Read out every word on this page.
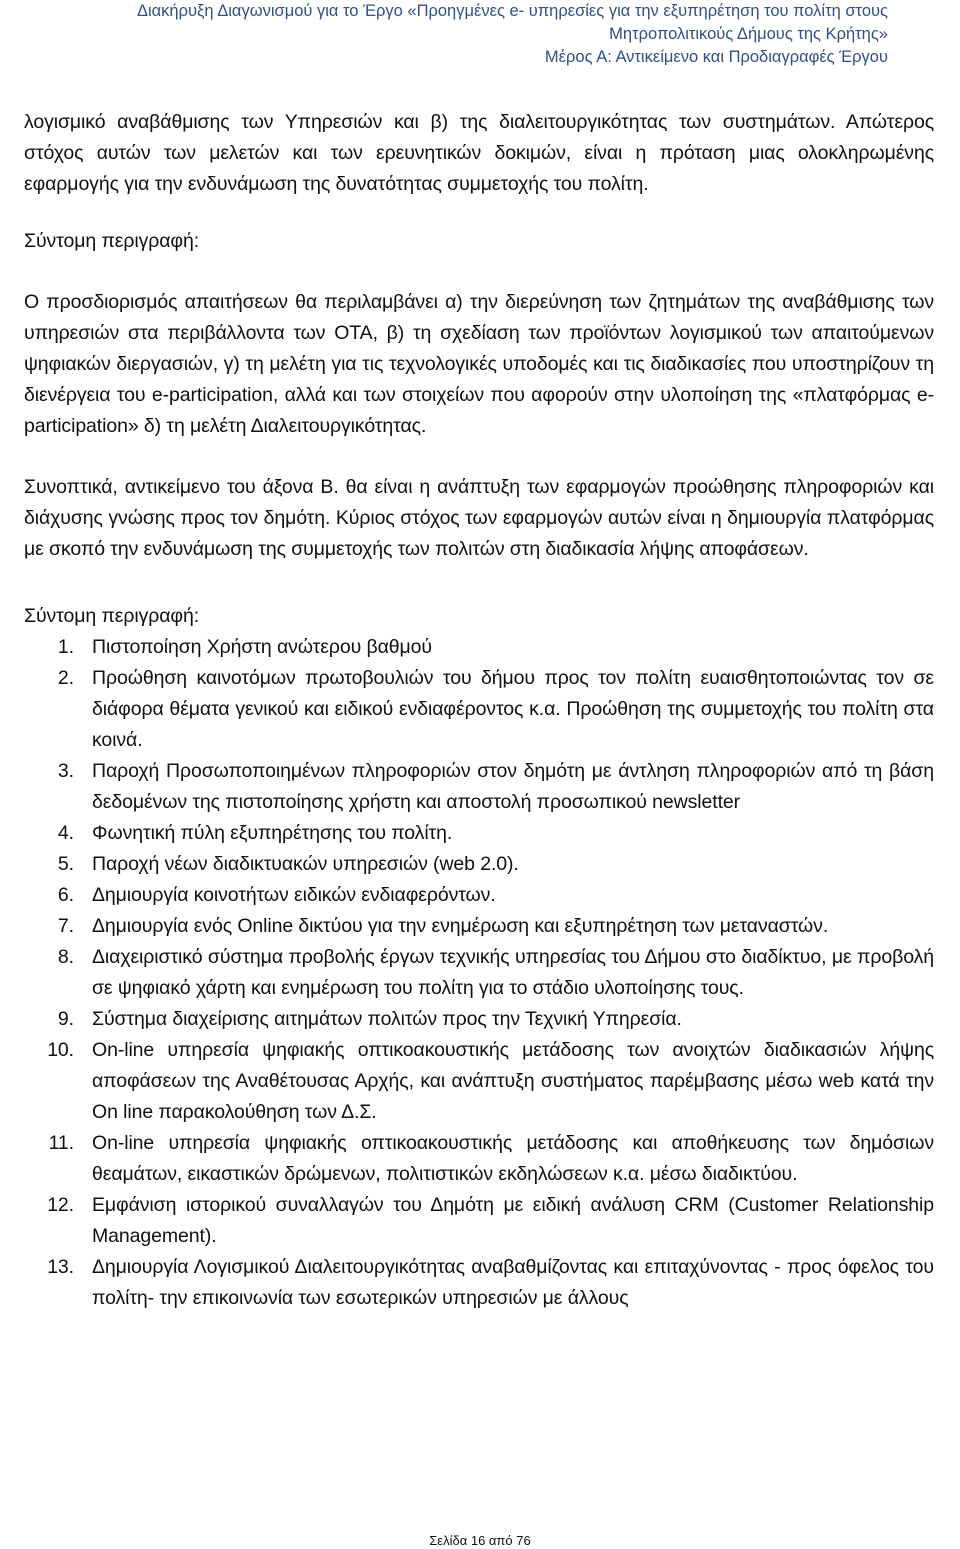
Διακήρυξη Διαγωνισμού για το Έργο «Προηγμένες e- υπηρεσίες για την εξυπηρέτηση του πολίτη στους
Μητροπολιτικούς Δήμους της Κρήτης»
Μέρος Α: Αντικείμενο και Προδιαγραφές Έργου

λογισμικό αναβάθμισης των Υπηρεσιών και β) της διαλειτουργικότητας των συστημάτων. Απώτερος στόχος αυτών των μελετών και των ερευνητικών δοκιμών, είναι η πρόταση μιας ολοκληρωμένης εφαρμογής για την ενδυνάμωση της δυνατότητας συμμετοχής του πολίτη.

Σύντομη περιγραφή:

Ο προσδιορισμός απαιτήσεων θα περιλαμβάνει α) την διερεύνηση των ζητημάτων της αναβάθμισης των υπηρεσιών στα περιβάλλοντα των ΟΤΑ, β) τη σχεδίαση των προϊόντων λογισμικού των απαιτούμενων ψηφιακών διεργασιών, γ) τη μελέτη για τις τεχνολογικές υποδομές και τις διαδικασίες που υποστηρίζουν τη διενέργεια του e-participation, αλλά και των στοιχείων που αφορούν στην υλοποίηση της «πλατφόρμας e-participation» δ) τη μελέτη Διαλειτουργικότητας.

Συνοπτικά, αντικείμενο του άξονα Β. θα είναι η ανάπτυξη των εφαρμογών προώθησης πληροφοριών και διάχυσης γνώσης προς τον δημότη. Κύριος στόχος των εφαρμογών αυτών είναι η δημιουργία πλατφόρμας με σκοπό την ενδυνάμωση της συμμετοχής των πολιτών στη διαδικασία λήψης αποφάσεων.

Σύντομη περιγραφή:

1. Πιστοποίηση Χρήστη ανώτερου βαθμού
2. Προώθηση καινοτόμων πρωτοβουλιών του δήμου προς τον πολίτη ευαισθητοποιώντας τον σε διάφορα θέματα γενικού και ειδικού ενδιαφέροντος κ.α. Προώθηση της συμμετοχής του πολίτη στα κοινά.
3. Παροχή Προσωποποιημένων πληροφοριών στον δημότη με άντληση πληροφοριών από τη βάση δεδομένων της πιστοποίησης χρήστη και αποστολή προσωπικού newsletter
4. Φωνητική πύλη εξυπηρέτησης του πολίτη.
5. Παροχή νέων διαδικτυακών υπηρεσιών (web 2.0).
6. Δημιουργία κοινοτήτων ειδικών ενδιαφερόντων.
7. Δημιουργία ενός Online δικτύου για την ενημέρωση και εξυπηρέτηση των μεταναστών.
8. Διαχειριστικό σύστημα προβολής έργων τεχνικής υπηρεσίας του Δήμου στο διαδίκτυο, με προβολή σε ψηφιακό χάρτη και ενημέρωση του πολίτη για το στάδιο υλοποίησης τους.
9. Σύστημα διαχείρισης αιτημάτων πολιτών προς την Τεχνική Υπηρεσία.
10. On-line υπηρεσία ψηφιακής οπτικοακουστικής μετάδοσης των ανοιχτών διαδικασιών λήψης αποφάσεων της Αναθέτουσας Αρχής, και ανάπτυξη συστήματος παρέμβασης μέσω web κατά την On line παρακολούθηση των Δ.Σ.
11. On-line υπηρεσία ψηφιακής οπτικοακουστικής μετάδοσης και αποθήκευσης των δημόσιων θεαμάτων, εικαστικών δρώμενων, πολιτιστικών εκδηλώσεων κ.α. μέσω διαδικτύου.
12. Εμφάνιση ιστορικού συναλλαγών του Δημότη με ειδική ανάλυση CRM (Customer Relationship Management).
13. Δημιουργία Λογισμικού Διαλειτουργικότητας αναβαθμίζοντας και επιταχύνοντας - προς όφελος του πολίτη- την επικοινωνία των εσωτερικών υπηρεσιών με άλλους
Σελίδα 16 από 76
